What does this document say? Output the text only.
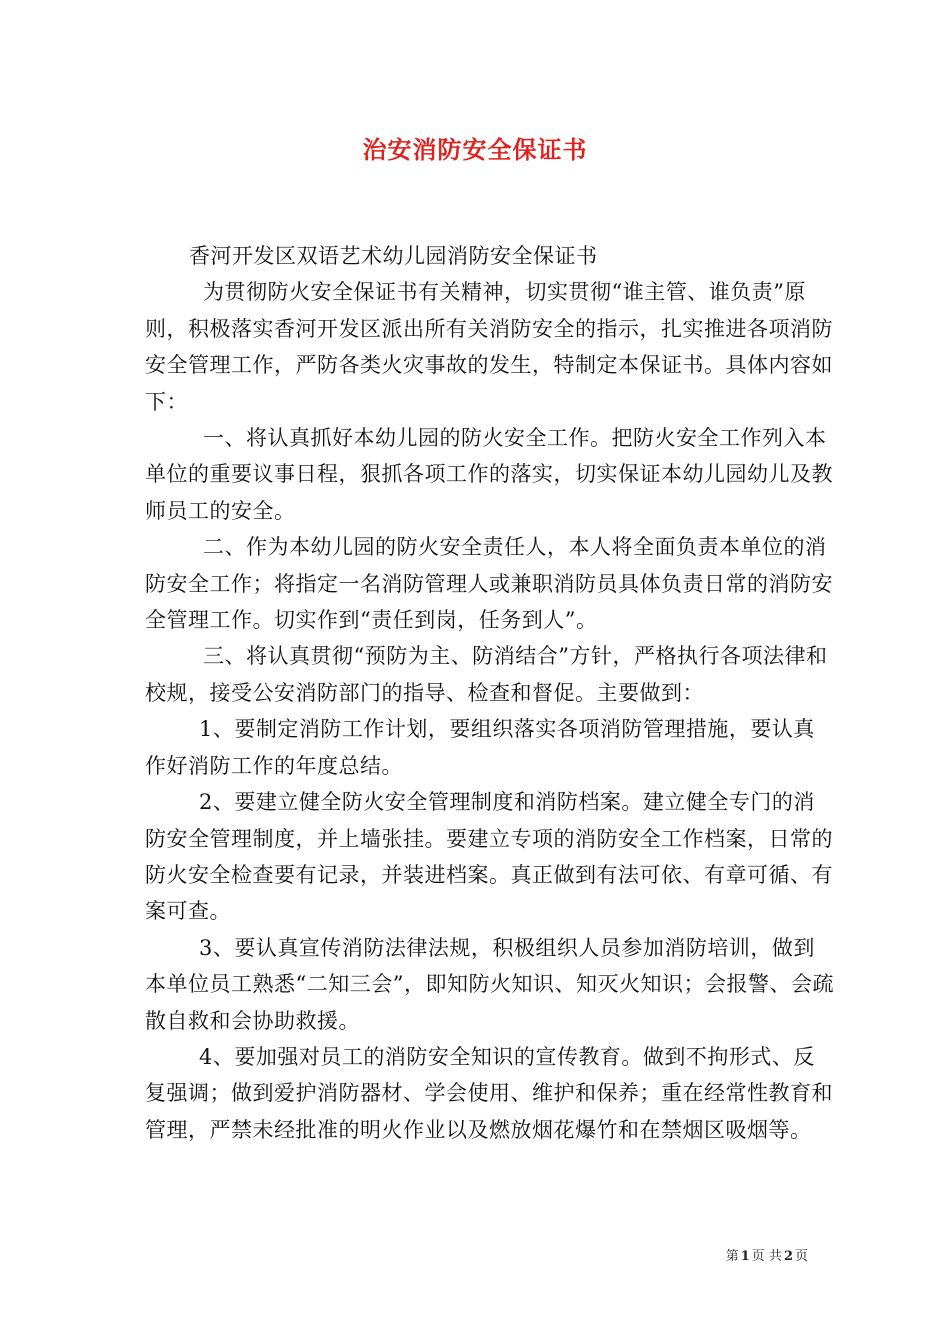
治安消防安全保证书

香河开发区双语艺术幼儿园消防安全保证书

为贯彻防火安全保证书有关精神，切实贯彻“谁主管、谁负责”原则，积极落实香河开发区派出所有关消防安全的指示，扎实推进各项消防安全管理工作，严防各类火灾事故的发生，特制定本保证书。具体内容如下：

一、将认真抓好本幼儿园的防火安全工作。把防火安全工作列入本单位的重要议事日程，狠抓各项工作的落实，切实保证本幼儿园幼儿及教师员工的安全。

二、作为本幼儿园的防火安全责任人，本人将全面负责本单位的消防安全工作；将指定一名消防管理人或兼职消防员具体负责日常的消防安全管理工作。切实作到“责任到岗，任务到人”。

三、将认真贯彻“预防为主、防消结合”方针，严格执行各项法律和校规，接受公安消防部门的指导、检查和督促。主要做到：

1、要制定消防工作计划，要组织落实各项消防管理措施，要认真作好消防工作的年度总结。

2、要建立健全防火安全管理制度和消防档案。建立健全专门的消防安全管理制度，并上墙张挂。要建立专项的消防安全工作档案，日常的防火安全检查要有记录，并装进档案。真正做到有法可依、有章可循、有案可查。

3、要认真宣传消防法律法规，积极组织人员参加消防培训，做到本单位员工熟悉“二知三会”，即知防火知识、知灭火知识；会报警、会疏散自救和会协助救援。

4、要加强对员工的消防安全知识的宣传教育。做到不拘形式、反复强调；做到爱护消防器材、学会使用、维护和保养；重在经常性教育和管理，严禁未经批准的明火作业以及燃放烟花爆竹和在禁烟区吸烟等。

第 1 页 共 2 页
